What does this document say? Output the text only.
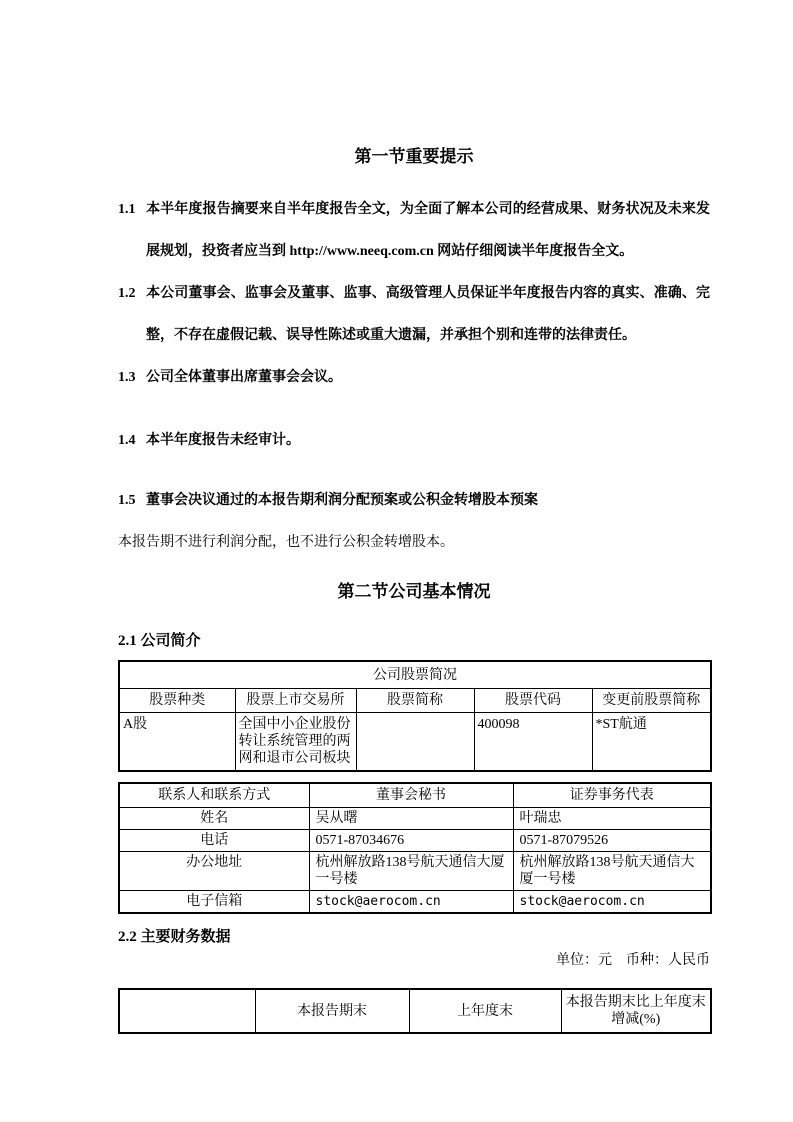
第一节重要提示

1.1 本半年度报告摘要来自半年度报告全文，为全面了解本公司的经营成果、财务状况及未来发展规划，投资者应当到 http://www.neeq.com.cn 网站仔细阅读半年度报告全文。

1.2 本公司董事会、监事会及董事、监事、高级管理人员保证半年度报告内容的真实、准确、完整，不存在虚假记载、误导性陈述或重大遗漏，并承担个别和连带的法律责任。

1.3 公司全体董事出席董事会会议。

1.4 本半年度报告未经审计。

1.5 董事会决议通过的本报告期利润分配预案或公积金转增股本预案

本报告期不进行利润分配，也不进行公积金转增股本。

第二节公司基本情况
2.1 公司简介
公司股票简况				
股票种类	股票上市交易所	股票简称	股票代码	变更前股票简称
A股	全国中小企业股份转让系统管理的两网和退市公司板块		400098	*ST航通
联系人和联系方式	董事会秘书	证券事务代表
姓名	吴从曙	叶瑞忠
电话	0571-87034676	0571-87079526
办公地址	杭州解放路138号航天通信大厦一号楼	杭州解放路138号航天通信大厦一号楼
电子信箱	stock@aerocom.cn	stock@aerocom.cn
2.2 主要财务数据

单位：元　币种：人民币

	本报告期末	上年度末	本报告期末比上年度末增减(%)
